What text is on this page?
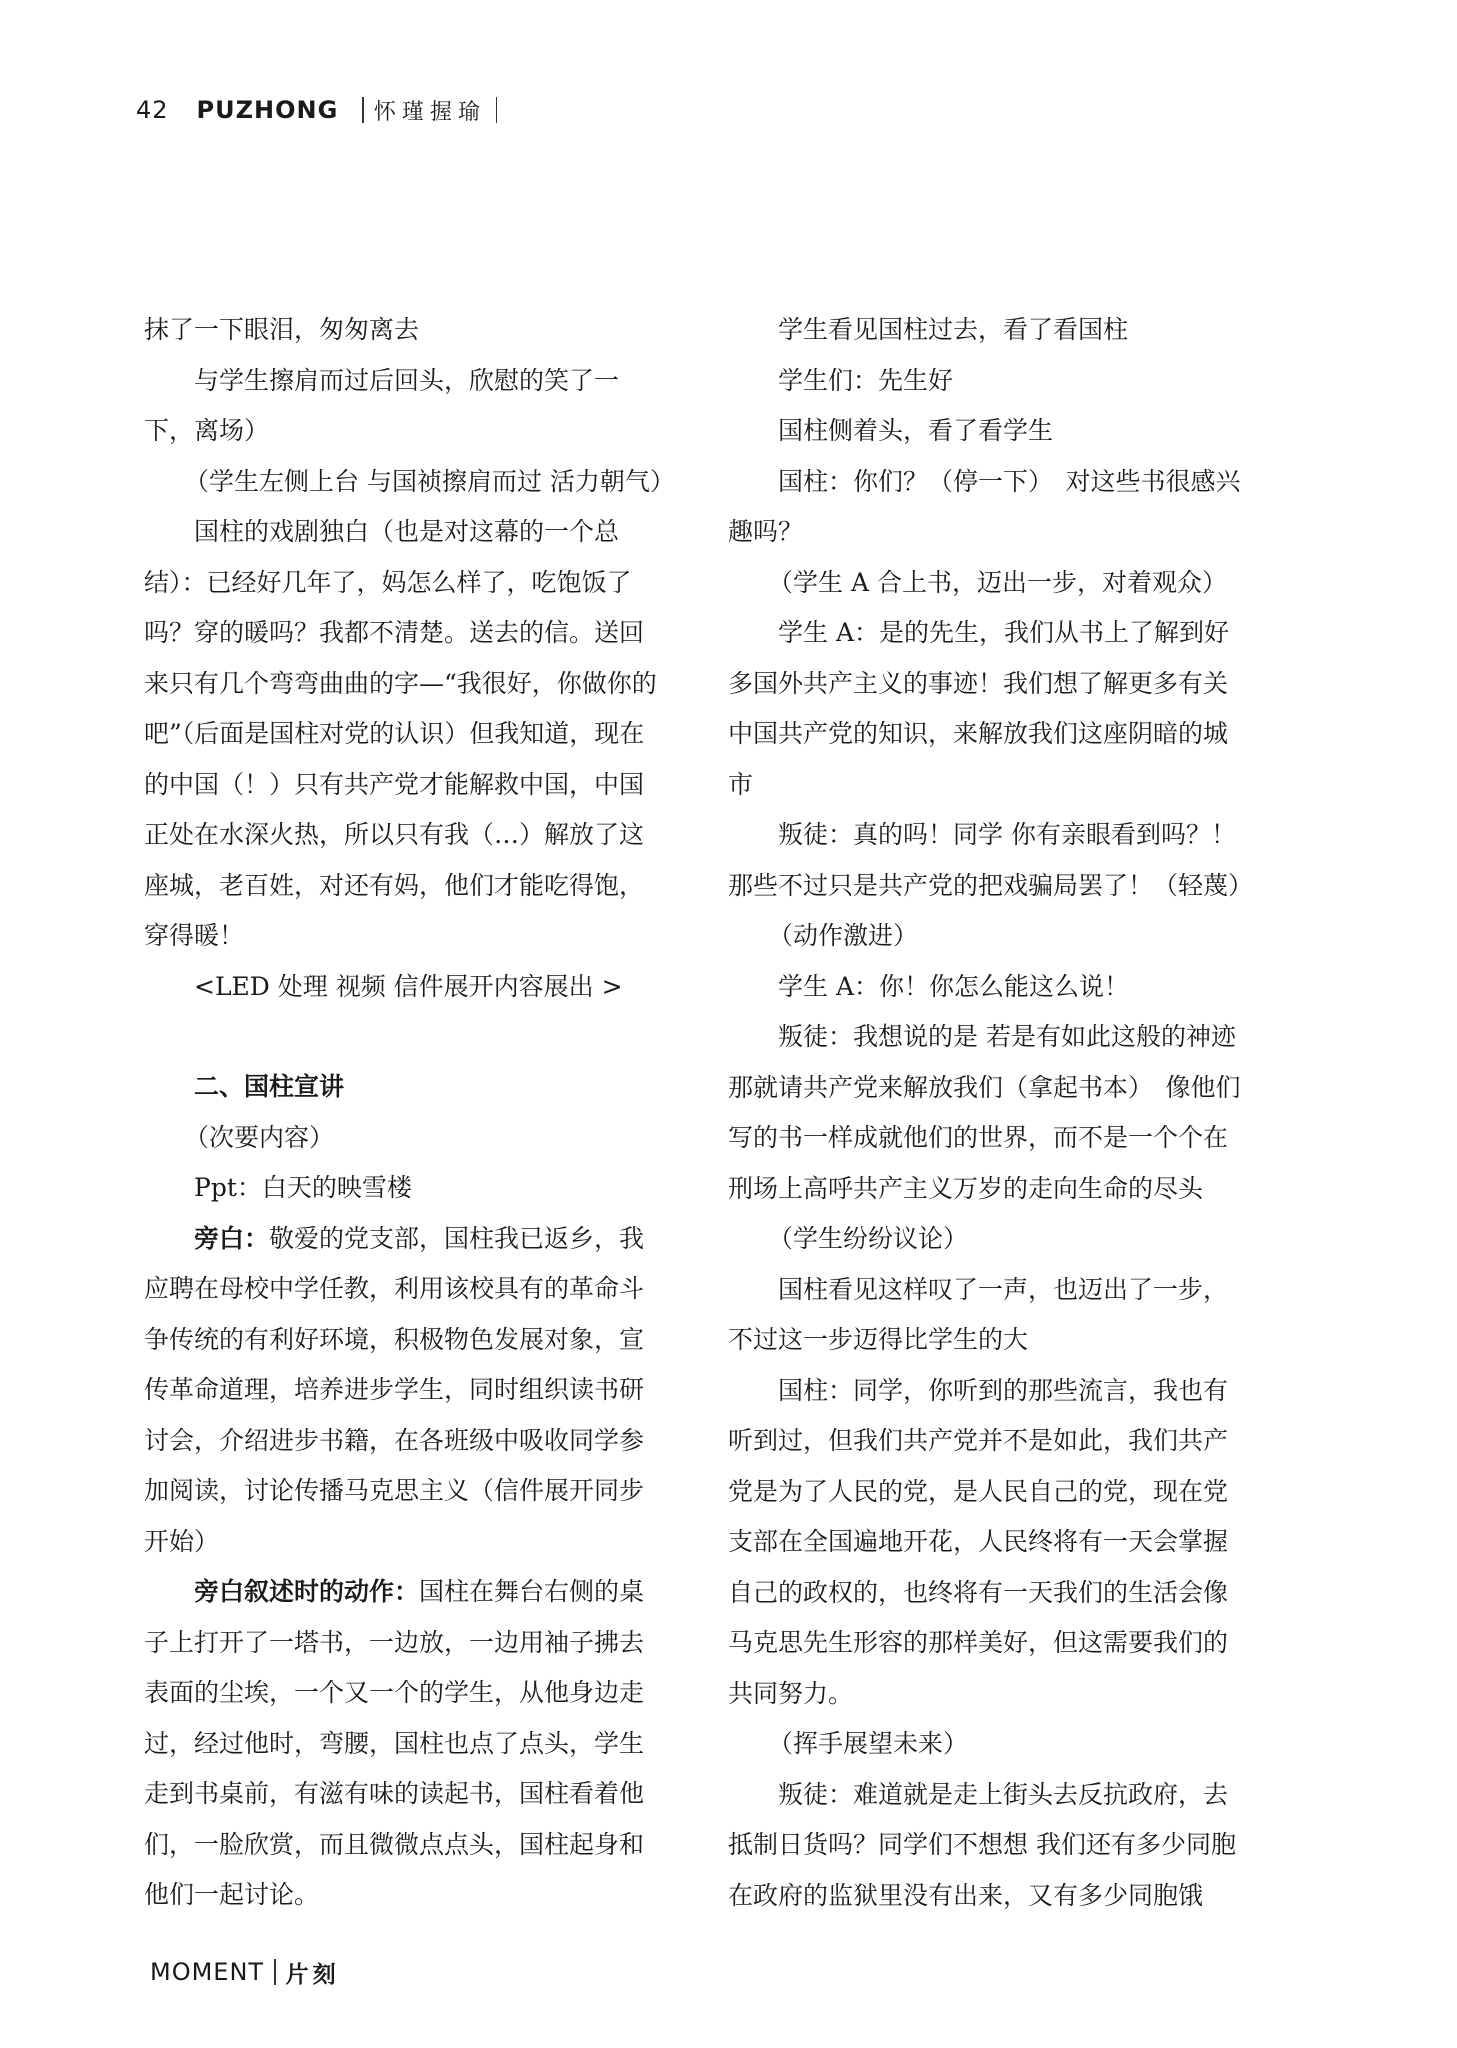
42 PUZHONG 怀瑾握瑜

抹了一下眼泪，匆匆离去

与学生擦肩而过后回头，欣慰的笑了一下，离场）

（学生左侧上台 与国祯擦肩而过 活力朝气）

国柱的戏剧独白（也是对这幕的一个总结）：已经好几年了，妈怎么样了，吃饱饭了吗？穿的暖吗？我都不清楚。送去的信。送回来只有几个弯弯曲曲的字—“我很好，你做你的吧”（后面是国柱对党的认识）但我知道，现在的中国（！）只有共产党才能解救中国，中国正处在水深火热，所以只有我（…）解放了这座城，老百姓，对还有妈，他们才能吃得饱，穿得暖！

<LED 处理 视频 信件展开内容展出 >

二、国柱宣讲

（次要内容）

Ppt：白天的映雪楼

旁白：敬爱的党支部，国柱我已返乡，我应聘在母校中学任教，利用该校具有的革命斗争传统的有利好环境，积极物色发展对象，宣传革命道理，培养进步学生，同时组织读书研讨会，介绍进步书籍，在各班级中吸收同学参加阅读，讨论传播马克思主义（信件展开同步开始）

旁白叙述时的动作：国柱在舞台右侧的桌子上打开了一塔书，一边放，一边用袖子拂去表面的尘埃，一个又一个的学生，从他身边走过，经过他时，弯腰，国柱也点了点头，学生走到书桌前，有滋有味的读起书，国柱看着他们，一脸欣赏，而且微微点点头，国柱起身和他们一起讨论。

学生看见国柱过去，看了看国柱

学生们：先生好

国柱侧着头，看了看学生

国柱：你们？（停一下）　对这些书很感兴趣吗？

（学生 A 合上书，迈出一步，对着观众）

学生 A：是的先生，我们从书上了解到好多国外共产主义的事迹！我们想了解更多有关中国共产党的知识，来解放我们这座阴暗的城市

叛徒：真的吗！同学 你有亲眼看到吗？！那些不过只是共产党的把戏骗局罢了！（轻蔑）

（动作激进）

学生 A：你！你怎么能这么说！

叛徒：我想说的是 若是有如此这般的神迹那就请共产党来解放我们（拿起书本）　像他们写的书一样成就他们的世界，而不是一个个在刑场上高呼共产主义万岁的走向生命的尽头

（学生纷纷议论）

国柱看见这样叹了一声，也迈出了一步，不过这一步迈得比学生的大

国柱：同学，你听到的那些流言，我也有听到过，但我们共产党并不是如此，我们共产党是为了人民的党，是人民自己的党，现在党支部在全国遍地开花，人民终将有一天会掌握自己的政权的，也终将有一天我们的生活会像马克思先生形容的那样美好，但这需要我们的共同努力。

（挥手展望未来）

叛徒：难道就是走上街头去反抗政府，去抵制日货吗？同学们不想想 我们还有多少同胞在政府的监狱里没有出来，又有多少同胞饿

MOMENT 片刻
